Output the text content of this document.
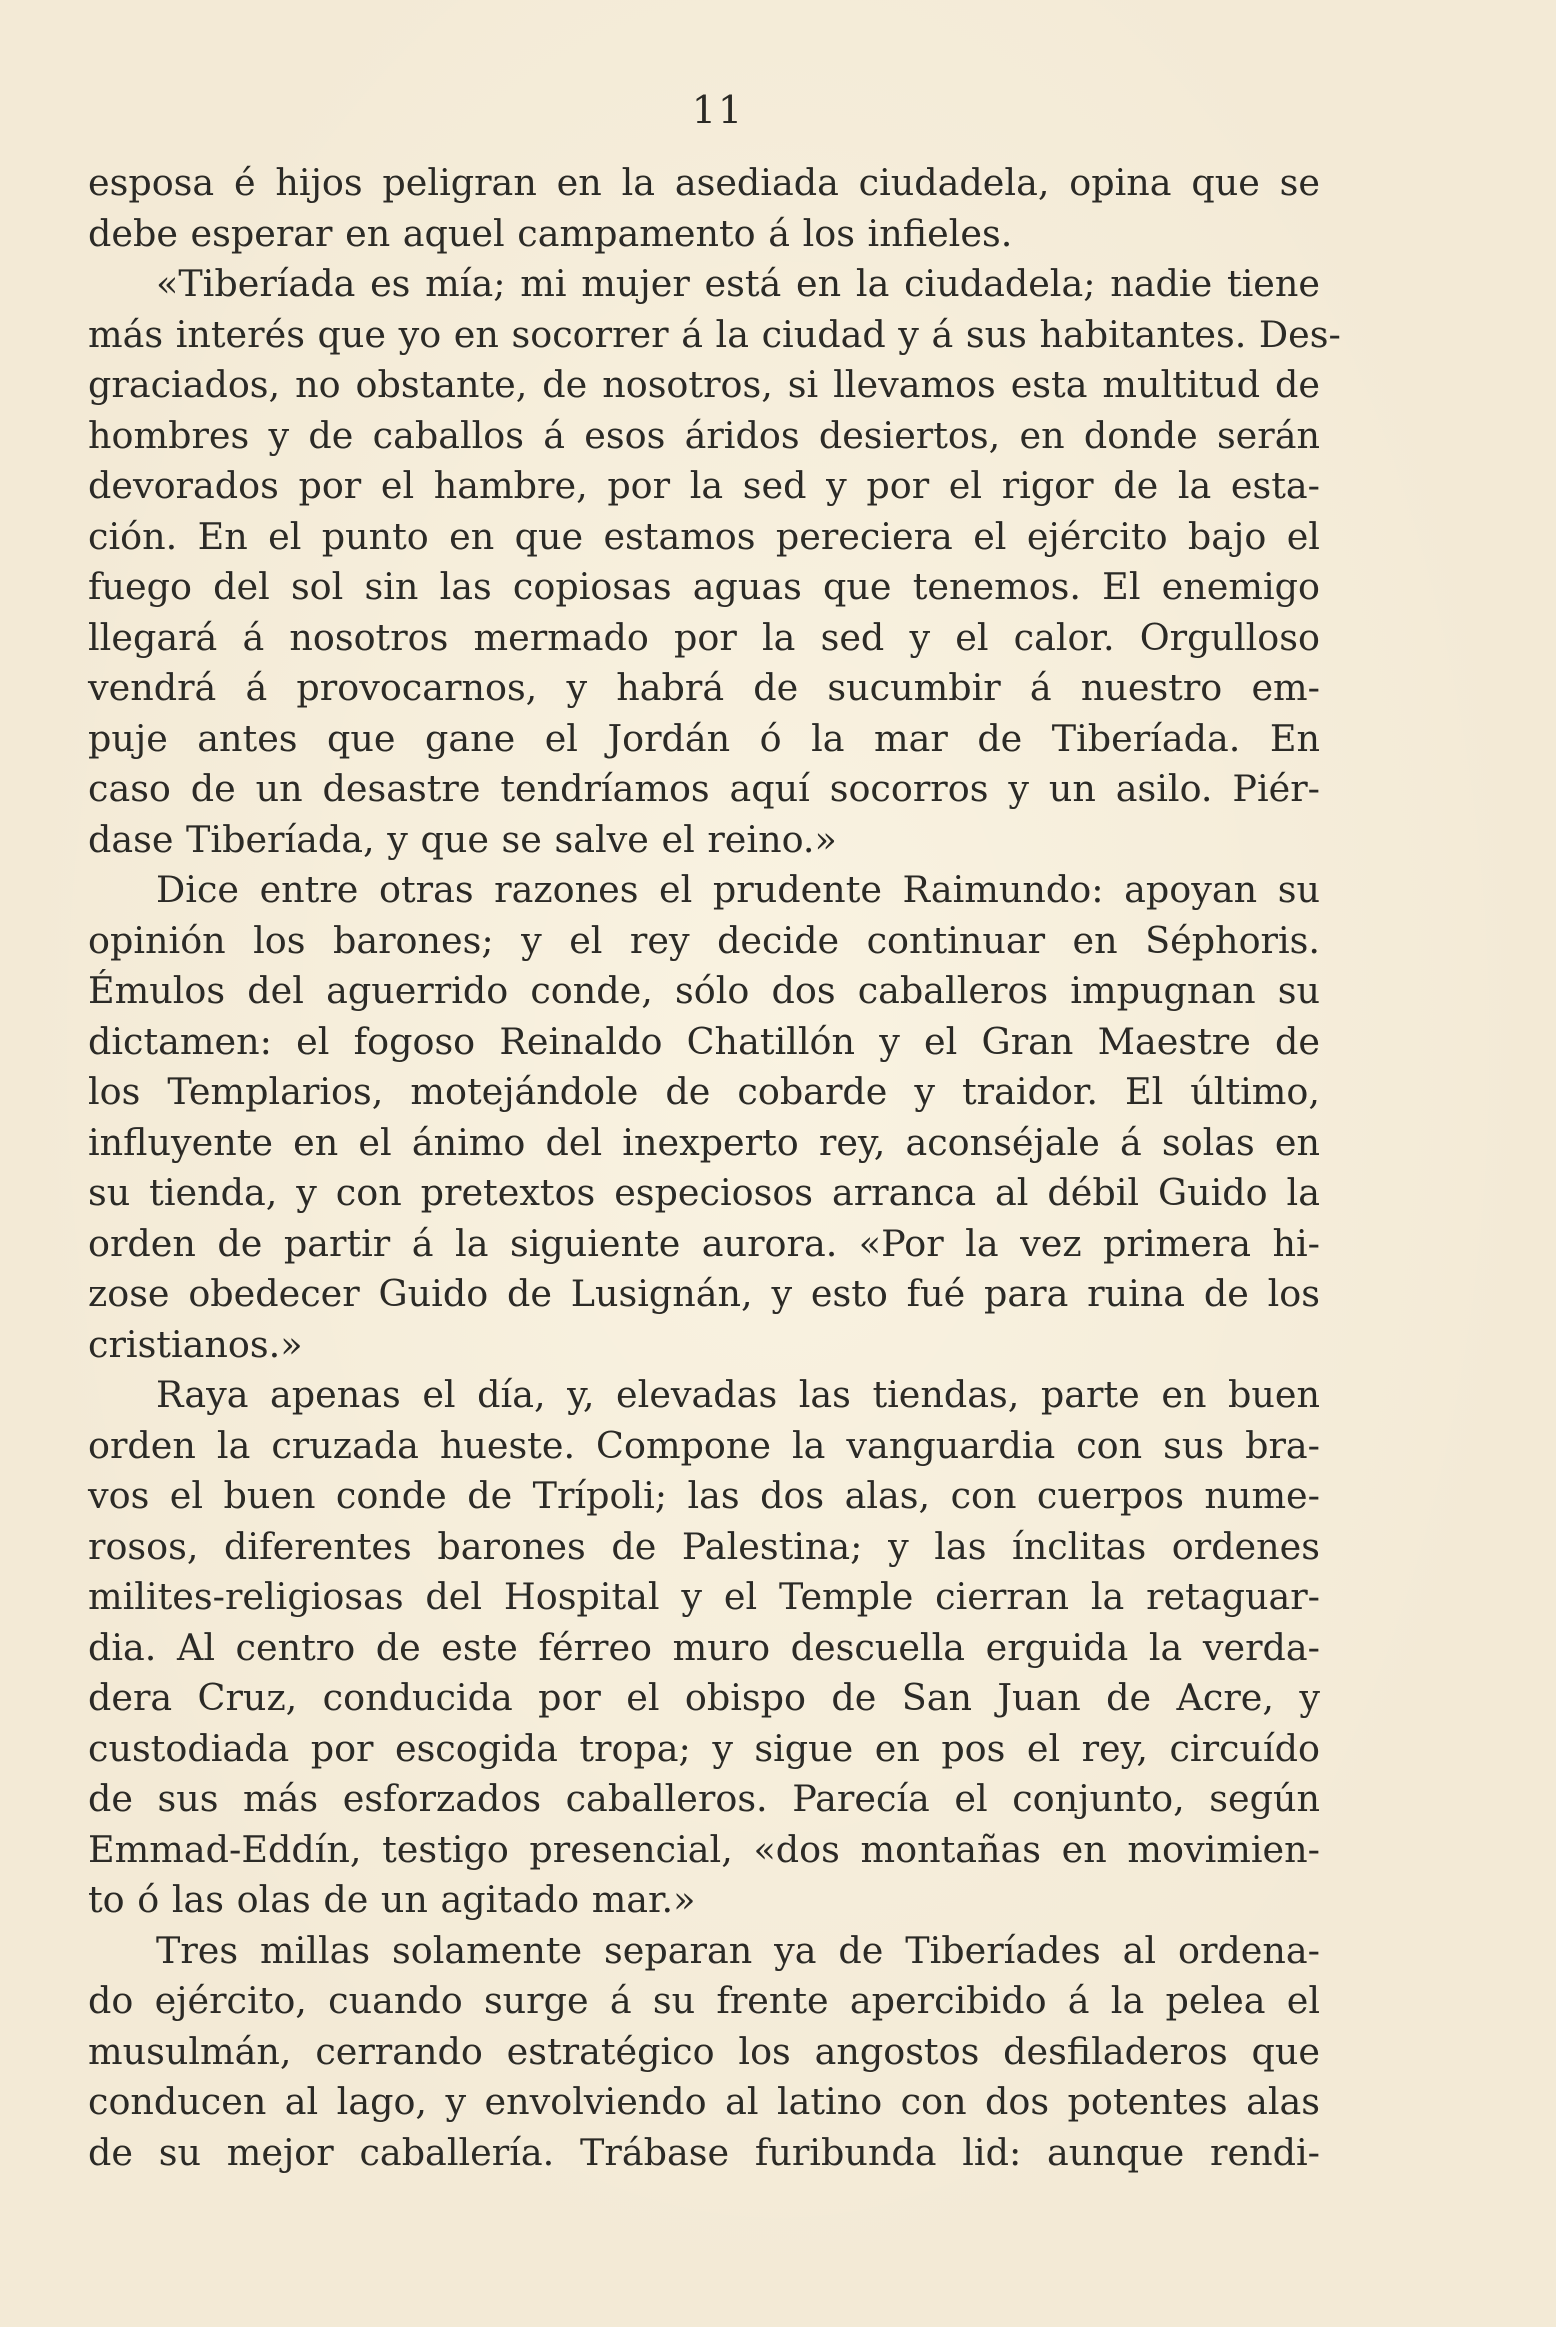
11
esposa é hijos peligran en la asediada ciudadela, opina que se
debe esperar en aquel campamento á los infieles.
«Tiberíada es mía; mi mujer está en la ciudadela; nadie tiene
más interés que yo en socorrer á la ciudad y á sus habitantes. Des-
graciados, no obstante, de nosotros, si llevamos esta multitud de
hombres y de caballos á esos áridos desiertos, en donde serán
devorados por el hambre, por la sed y por el rigor de la esta-
ción. En el punto en que estamos pereciera el ejército bajo el
fuego del sol sin las copiosas aguas que tenemos. El enemigo
llegará á nosotros mermado por la sed y el calor. Orgulloso
vendrá á provocarnos, y habrá de sucumbir á nuestro em-
puje antes que gane el Jordán ó la mar de Tiberíada. En
caso de un desastre tendríamos aquí socorros y un asilo. Piér-
dase Tiberíada, y que se salve el reino.»
Dice entre otras razones el prudente Raimundo: apoyan su
opinión los barones; y el rey decide continuar en Séphoris.
Émulos del aguerrido conde, sólo dos caballeros impugnan su
dictamen: el fogoso Reinaldo Chatillón y el Gran Maestre de
los Templarios, motejándole de cobarde y traidor. El último,
influyente en el ánimo del inexperto rey, aconséjale á solas en
su tienda, y con pretextos especiosos arranca al débil Guido la
orden de partir á la siguiente aurora. «Por la vez primera hi-
zose obedecer Guido de Lusignán, y esto fué para ruina de los
cristianos.»
Raya apenas el día, y, elevadas las tiendas, parte en buen
orden la cruzada hueste. Compone la vanguardia con sus bra-
vos el buen conde de Trípoli; las dos alas, con cuerpos nume-
rosos, diferentes barones de Palestina; y las ínclitas ordenes
milites-religiosas del Hospital y el Temple cierran la retaguar-
dia. Al centro de este férreo muro descuella erguida la verda-
dera Cruz, conducida por el obispo de San Juan de Acre, y
custodiada por escogida tropa; y sigue en pos el rey, circuído
de sus más esforzados caballeros. Parecía el conjunto, según
Emmad-Eddín, testigo presencial, «dos montañas en movimien-
to ó las olas de un agitado mar.»
Tres millas solamente separan ya de Tiberíades al ordena-
do ejército, cuando surge á su frente apercibido á la pelea el
musulmán, cerrando estratégico los angostos desfiladeros que
conducen al lago, y envolviendo al latino con dos potentes alas
de su mejor caballería. Trábase furibunda lid: aunque rendi-
